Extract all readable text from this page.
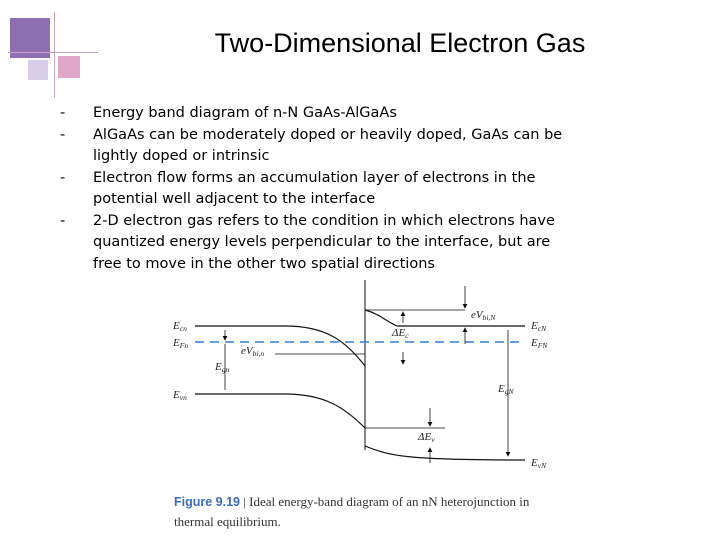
Two-Dimensional Electron Gas
- Energy band diagram of n-N GaAs-AlGaAs
- AlGaAs can be moderately doped or heavily doped, GaAs can be lightly doped or intrinsic
- Electron flow forms an accumulation layer of electrons in the potential well adjacent to the interface
- 2-D electron gas refers to the condition in which electrons have quantized energy levels perpendicular to the interface, but are free to move in the other two spatial directions
Ecn
EFn
Evn
Egn
eVbi,n
eVbi,N
EcN
EFN
ΔEc
EgN
ΔEv
EvN
Figure 9.19 | Ideal energy-band diagram of an nN heterojunction in thermal equilibrium.
